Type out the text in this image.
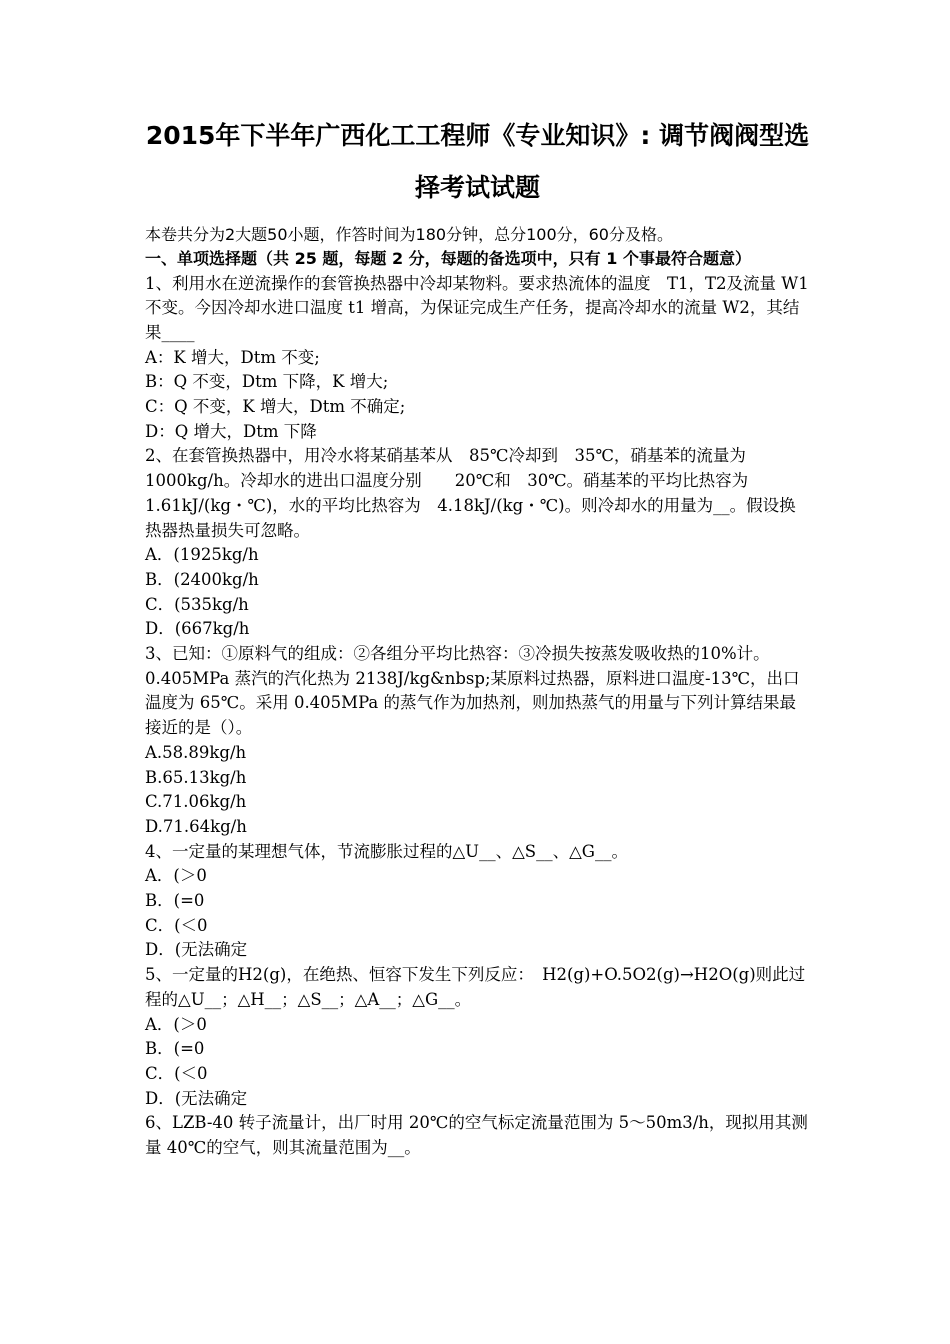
2015年下半年广西化工工程师《专业知识》: 调节阀阀型选
择考试试题

本卷共分为2大题50小题，作答时间为180分钟，总分100分，60分及格。

一、单项选择题（共 25 题，每题 2 分，每题的备选项中，只有 1 个事最符合题意）

1、利用水在逆流操作的套管换热器中冷却某物料。要求热流体的温度　T1，T2及流量 W1 不变。今因冷却水进口温度 t1 增高，为保证完成生产任务，提高冷却水的流量 W2，其结果____

A：K 增大，Dtm 不变;

B：Q 不变，Dtm 下降，K 增大;

C：Q 不变，K 增大，Dtm 不确定;

D：Q 增大，Dtm 下降

2、在套管换热器中，用冷水将某硝基苯从　85℃冷却到　35℃，硝基苯的流量为1000kg/h。冷却水的进出口温度分别　　20℃和　30℃。硝基苯的平均比热容为1.61kJ/(kg・℃)，水的平均比热容为　4.18kJ/(kg・℃)。则冷却水的用量为__。假设换热器热量损失可忽略。

A．(1925kg/h

B．(2400kg/h

C．(535kg/h

D．(667kg/h

3、已知：①原料气的组成：②各组分平均比热容：③冷损失按蒸发吸收热的10%计。0.405MPa 蒸汽的汽化热为 2138J/kg&nbsp;某原料过热器，原料进口温度-13℃，出口温度为 65℃。采用 0.405MPa 的蒸气作为加热剂，则加热蒸气的用量与下列计算结果最接近的是（）。

A.58.89kg/h

B.65.13kg/h

C.71.06kg/h

D.71.64kg/h

4、一定量的某理想气体，节流膨胀过程的△U__、△S__、△G__。

A．(＞0

B．(=0

C．(＜0

D．(无法确定

5、一定量的H2(g)，在绝热、恒容下发生下列反应：　H2(g)+O.5O2(g)→H2O(g)则此过程的△U__；△H__；△S__；△A__；△G__。

A．(＞0

B．(=0

C．(＜0

D．(无法确定

6、LZB-40 转子流量计，出厂时用 20℃的空气标定流量范围为 5～50m3/h，现拟用其测量 40℃的空气，则其流量范围为__。
